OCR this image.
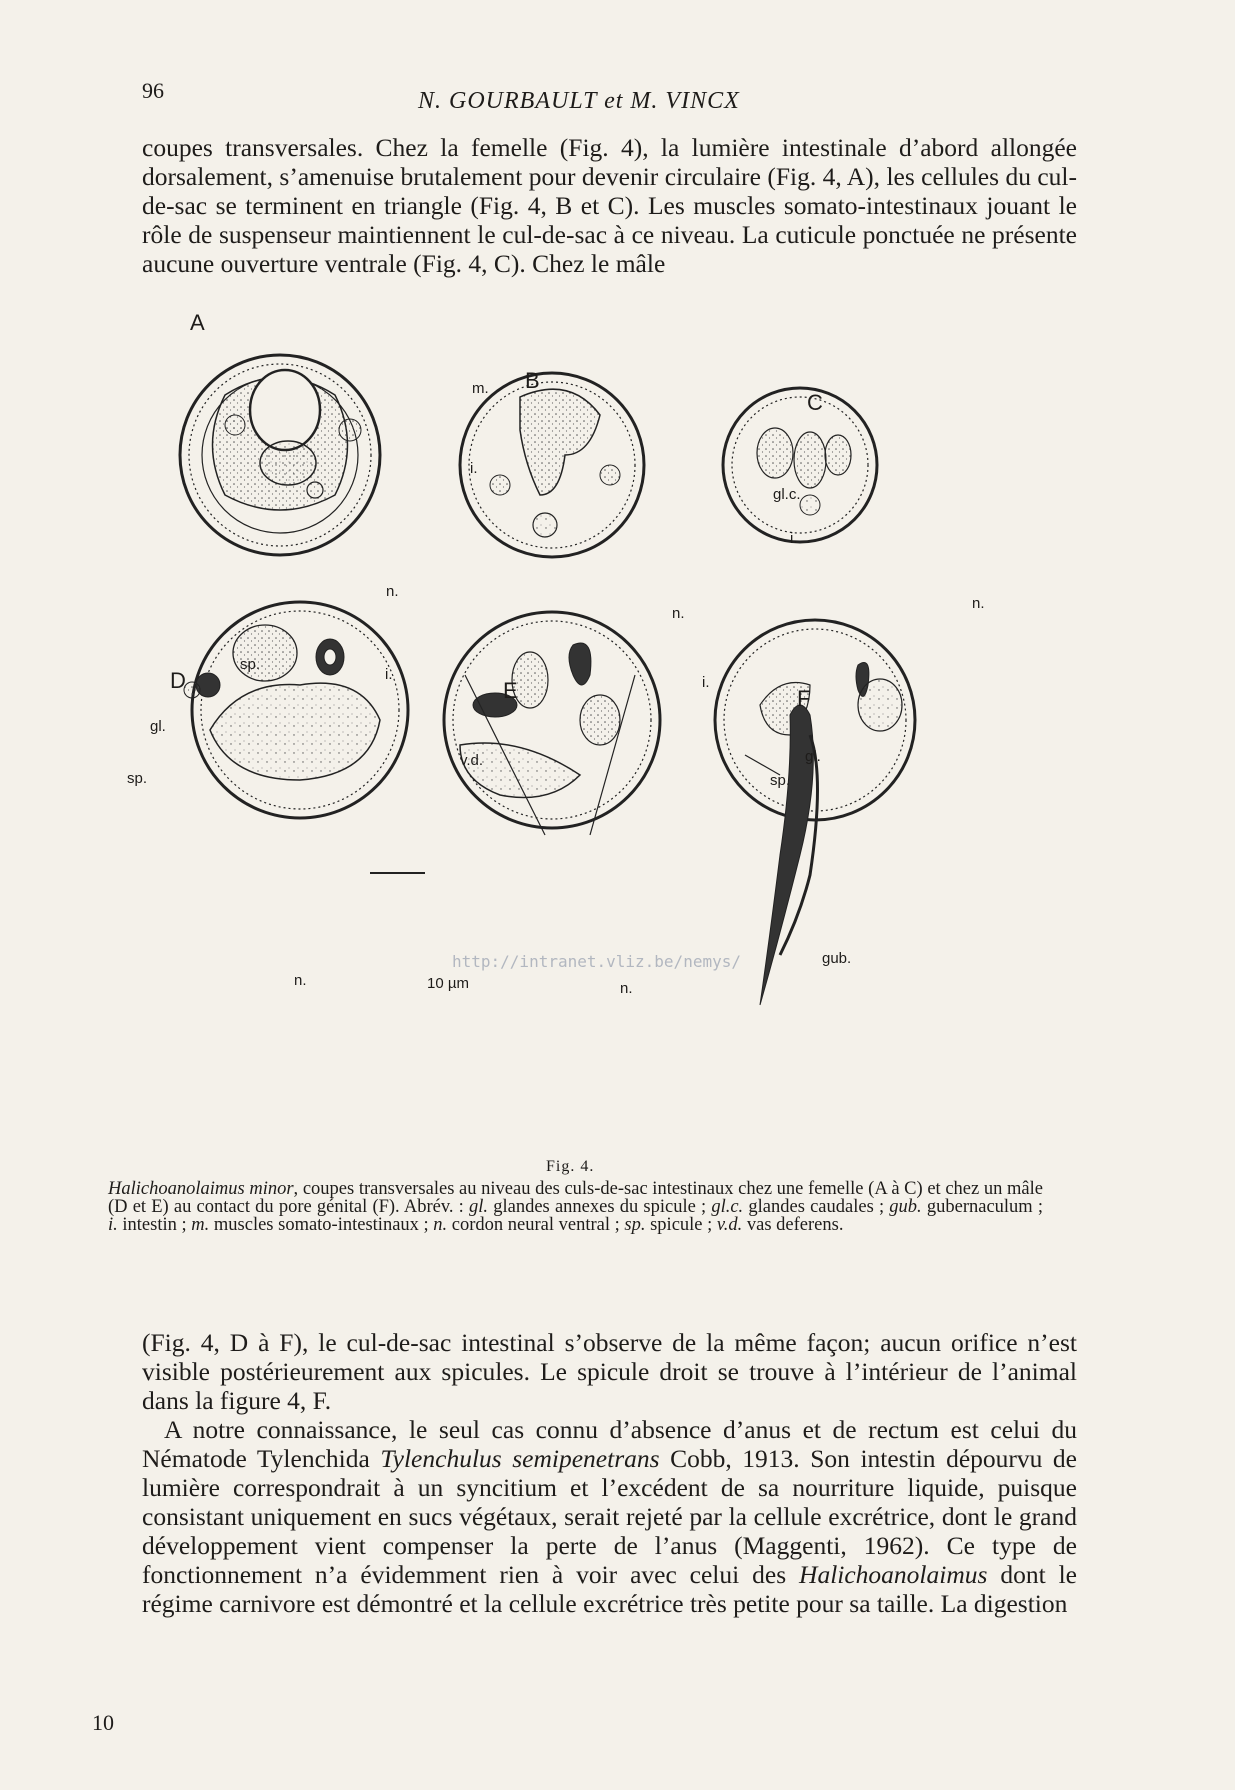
96	N. GOURBAULT et M. VINCX

coupes transversales. Chez la femelle (Fig. 4), la lumière intestinale d’abord allongée dorsalement, s’amenuise brutalement pour devenir circulaire (Fig. 4, A), les cellules du cul-de-sac se terminent en triangle (Fig. 4, B et C). Les muscles somato-intestinaux jouant le rôle de suspenseur maintiennent le cul-de-sac à ce niveau. La cuticule ponctuée ne présente aucune ouverture ventrale (Fig. 4, C). Chez le mâle

A
B
C
D	E	F
m.
i.
n.
n.
gl.c.
i.
n.
sp.
i.
gl.
sp.
v.d.
n.
i.
n.
gl.
sp.
gub.
10 µm
http://intranet.vliz.be/nemys/
Fig. 4.

Halichoanolaimus minor, coupes transversales au niveau des culs-de-sac intestinaux chez une femelle (A à C) et chez un mâle (D et E) au contact du pore génital (F). Abrév. : gl. glandes annexes du spicule ; gl.c. glandes caudales ; gub. gubernaculum ; i. intestin ; m. muscles somato-intestinaux ; n. cordon neural ventral ; sp. spicule ; v.d. vas deferens.

(Fig. 4, D à F), le cul-de-sac intestinal s’observe de la même façon; aucun orifice n’est visible postérieurement aux spicules. Le spicule droit se trouve à l’intérieur de l’animal dans la figure 4, F.

A notre connaissance, le seul cas connu d’absence d’anus et de rectum est celui du Nématode Tylenchida Tylenchulus semipenetrans Cobb, 1913. Son intestin dépourvu de lumière correspondrait à un syncitium et l’excédent de sa nourriture liquide, puisque consistant uniquement en sucs végétaux, serait rejeté par la cellule excrétrice, dont le grand développement vient compenser la perte de l’anus (Maggenti, 1962). Ce type de fonctionnement n’a évidemment rien à voir avec celui des Halichoanolaimus dont le régime carnivore est démontré et la cellule excrétrice très petite pour sa taille. La digestion

10
